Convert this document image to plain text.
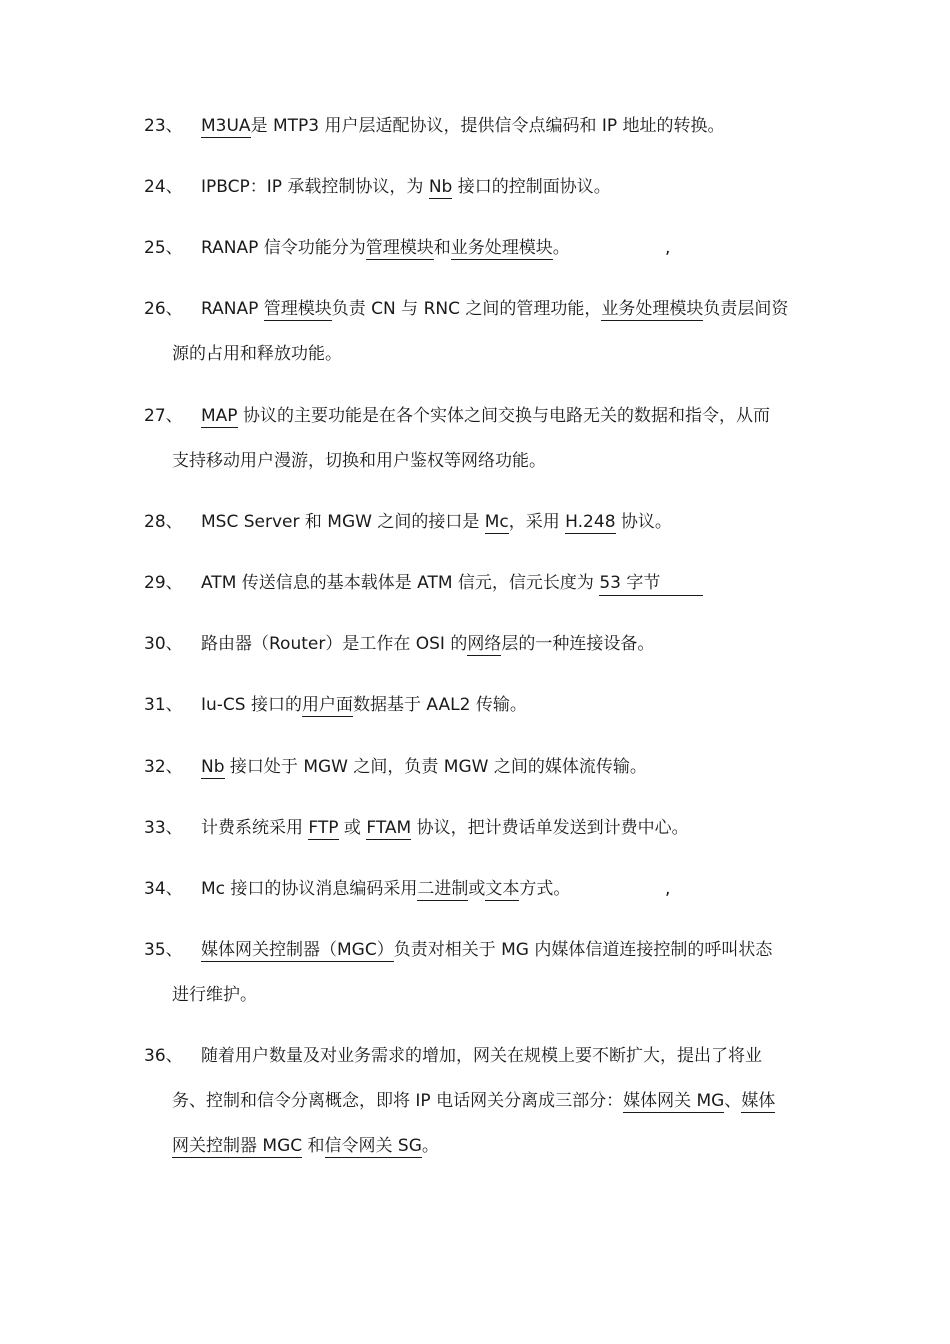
23、	M3UA是 MTP3 用户层适配协议，提供信令点编码和 IP 地址的转换。
24、	IPBCP：IP 承载控制协议，为 Nb 接口的控制面协议。
25、	RANAP 信令功能分为管理模块和业务处理模块。	,
26、	RANAP 管理模块负责 CN 与 RNC 之间的管理功能，业务处理模块负责层间资
源的占用和释放功能。
27、	MAP 协议的主要功能是在各个实体之间交换与电路无关的数据和指令，从而
支持移动用户漫游，切换和用户鉴权等网络功能。
28、	MSC Server 和 MGW 之间的接口是 Mc，采用 H.248 协议。
29、	ATM 传送信息的基本载体是 ATM 信元，信元长度为 53 字节
30、	路由器（Router）是工作在 OSI 的网络层的一种连接设备。
31、	Iu-CS 接口的用户面数据基于 AAL2 传输。
32、	Nb 接口处于 MGW 之间，负责 MGW 之间的媒体流传输。
33、	计费系统采用 FTP 或 FTAM 协议，把计费话单发送到计费中心。
34、	Mc 接口的协议消息编码采用二进制或文本方式。	,
35、	媒体网关控制器（MGC）负责对相关于 MG 内媒体信道连接控制的呼叫状态
进行维护。
36、	随着用户数量及对业务需求的增加，网关在规模上要不断扩大，提出了将业
务、控制和信令分离概念，即将 IP 电话网关分离成三部分：媒体网关 MG、媒体
网关控制器 MGC 和信令网关 SG。
